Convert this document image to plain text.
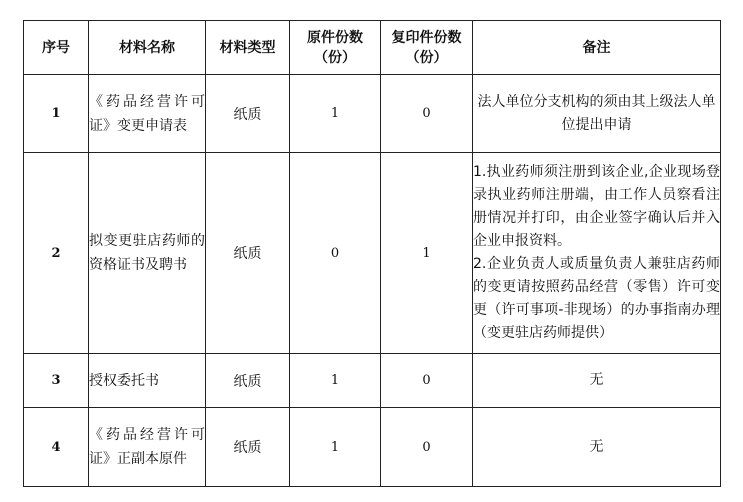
序号	材料名称	材料类型	原件份数（份）	复印件份数（份）	备注
1	《药品经营许可证》变更申请表	纸质	1	0	法人单位分支机构的须由其上级法人单位提出申请

2	拟变更驻店药师的资格证书及聘书	纸质	0	1	1.执业药师须注册到该企业,企业现场登录执业药师注册端，由工作人员察看注册情况并打印，由企业签字确认后并入企业申报资料。
2.企业负责人或质量负责人兼驻店药师的变更请按照药品经营（零售）许可变更（许可事项-非现场）的办事指南办理（变更驻店药师提供）

3	授权委托书	纸质	1	0	无

4	《药品经营许可证》正副本原件	纸质	1	0	无
